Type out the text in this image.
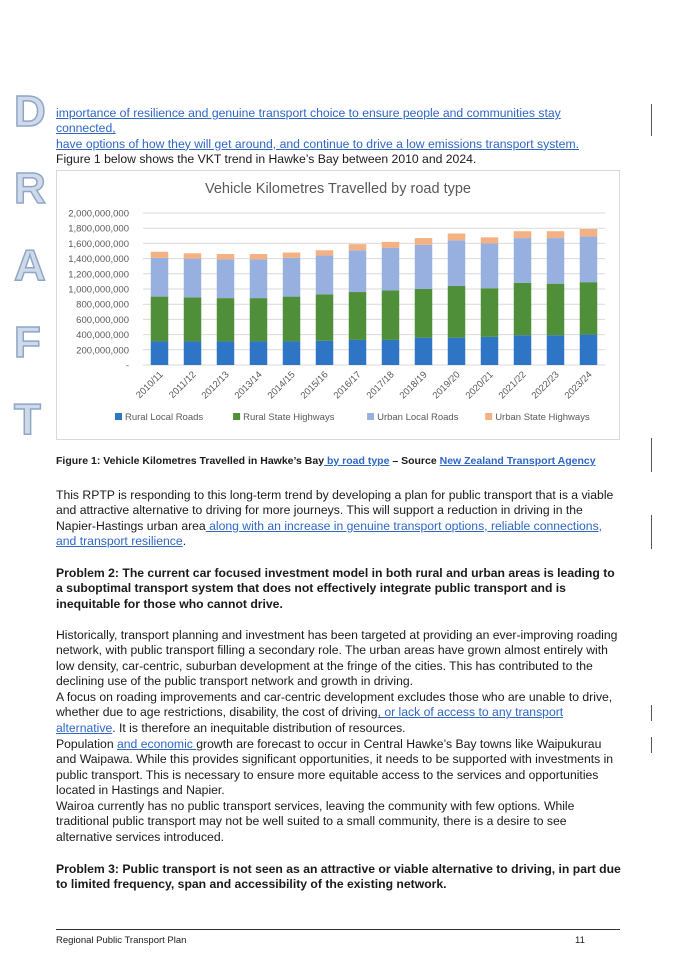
D
R
A
F
T
importance of resilience and genuine transport choice to ensure people and communities stay connected,
have options of how they will get around, and continue to drive a low emissions transport system.
Figure 1 below shows the VKT trend in Hawke’s Bay between 2010 and 2024.
Vehicle Kilometres Travelled by road type
-
200,000,000
400,000,000
600,000,000
800,000,000
1,000,000,000
1,200,000,000
1,400,000,000
1,600,000,000
1,800,000,000
2,000,000,000
2010/11 2011/12 2012/13 2013/14 2014/15 2015/16 2016/17 2017/18 2018/19 2019/20 2020/21 2021/22 2022/23 2023/24
Rural Local Roads	Rural State Highways	Urban Local Roads	Urban State Highways
Figure 1: Vehicle Kilometres Travelled in Hawke’s Bay by road type – Source New Zealand Transport Agency
This RPTP is responding to this long-term trend by developing a plan for public transport that is a viable and attractive alternative to driving for more journeys. This will support a reduction in driving in the Napier-Hastings urban area along with an increase in genuine transport options, reliable connections, and transport resilience.
Problem 2: The current car focused investment model in both rural and urban areas is leading to a suboptimal transport system that does not effectively integrate public transport and is inequitable for those who cannot drive.
Historically, transport planning and investment has been targeted at providing an ever-improving roading network, with public transport filling a secondary role. The urban areas have grown almost entirely with low density, car-centric, suburban development at the fringe of the cities. This has contributed to the declining use of the public transport network and growth in driving.
A focus on roading improvements and car-centric development excludes those who are unable to drive, whether due to age restrictions, disability, the cost of driving, or lack of access to any transport alternative. It is therefore an inequitable distribution of resources.
Population and economic growth are forecast to occur in Central Hawke’s Bay towns like Waipukurau and Waipawa. While this provides significant opportunities, it needs to be supported with investments in public transport. This is necessary to ensure more equitable access to the services and opportunities located in Hastings and Napier.
Wairoa currently has no public transport services, leaving the community with few options. While traditional public transport may not be well suited to a small community, there is a desire to see alternative services introduced.
Problem 3: Public transport is not seen as an attractive or viable alternative to driving, in part due to limited frequency, span and accessibility of the existing network.
Regional Public Transport Plan	11
